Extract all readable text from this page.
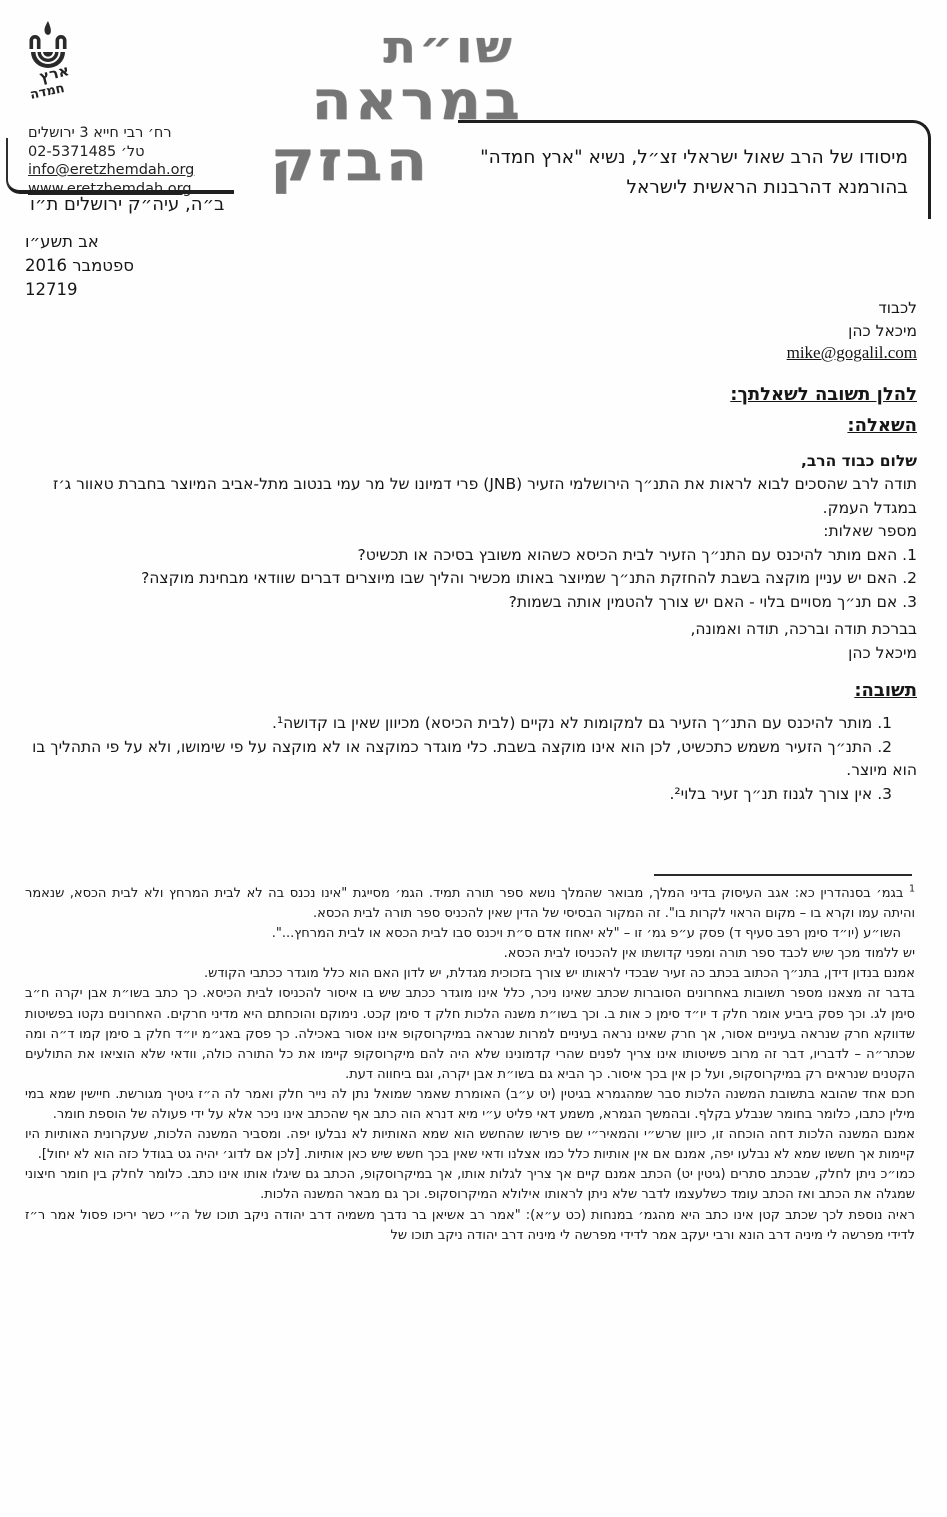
ארץ
חמדה
רח׳ רבי חייא 3 ירושלים
טל׳ 02-5371485
info@eretzhemdah.org
www.eretzhemdah.org
ב״ה, עיה״ק ירושלים ת״ו
שו״ת
במראה
הבזק	מיסודו של הרב שאול ישראלי זצ״ל, נשיא "ארץ חמדה"
בהורמנא דהרבנות הראשית לישראל
אב תשע״ו
ספטמבר 2016
12719
לכבוד
מיכאל כהן
mike@gogalil.com
להלן תשובה לשאלתך:
השאלה:

שלום כבוד הרב,

תודה לרב שהסכים לבוא לראות את התנ״ך הירושלמי הזעיר (JNB) פרי דמיונו של מר עמי בנטוב מתל-אביב המיוצר בחברת טאוור ג׳ז במגדל העמק.

מספר שאלות:

1. האם מותר להיכנס עם התנ״ך הזעיר לבית הכיסא כשהוא משובץ בסיכה או תכשיט?

2. האם יש עניין מוקצה בשבת להחזקת התנ״ך שמיוצר באותו מכשיר והליך שבו מיוצרים דברים שוודאי מבחינת מוקצה?

3. אם תנ״ך מסויים בלוי - האם יש צורך להטמין אותה בשמות?

בברכת תודה וברכה, תודה ואמונה,

מיכאל כהן

תשובה:

1. מותר להיכנס עם התנ״ך הזעיר גם למקומות לא נקיים (לבית הכיסא) מכיוון שאין בו קדושה¹.

2. התנ״ך הזעיר משמש כתכשיט, לכן הוא אינו מוקצה בשבת. כלי מוגדר כמוקצה או לא מוקצה על פי שימושו, ולא על פי התהליך בו הוא מיוצר.

3. אין צורך לגנוז תנ״ך זעיר בלוי².

$^1$ בגמ׳ בסנהדרין כא: אגב העיסוק בדיני המלך, מבואר שהמלך נושא ספר תורה תמיד. הגמ׳ מסייגת "אינו נכנס בה לא לבית המרחץ ולא לבית הכסא, שנאמר והיתה עמו וקרא בו – מקום הראוי לקרות בו". זה המקור הבסיסי של הדין שאין להכניס ספר תורה לבית הכסא.

השו״ע (יו״ד סימן רפב סעיף ד) פסק ע״פ גמ׳ זו – "לא יאחוז אדם ס״ת ויכנס סבו לבית הכסא או לבית המרחץ...".

יש ללמוד מכך שיש לכבד ספר תורה ומפני קדושתו אין להכניסו לבית הכסא.

אמנם בנדון דידן, בתנ״ך הכתוב בכתב כה זעיר שבכדי לראותו יש צורך בזכוכית מגדלת, יש לדון האם הוא כלל מוגדר ככתבי הקודש.

בדבר זה מצאנו מספר תשובות באחרונים הסוברות שכתב שאינו ניכר, כלל אינו מוגדר ככתב שיש בו איסור להכניסו לבית הכיסא. כך כתב בשו״ת אבן יקרה ח״ב סימן לג. וכך פסק ביביע אומר חלק ד יו״ד סימן כ אות ב. וכך בשו״ת משנה הלכות חלק ד סימן קכט. נימוקם והוכחתם היא מדיני חרקים. האחרונים נקטו בפשיטות שדווקא חרק שנראה בעיניים אסור, אך חרק שאינו נראה בעיניים למרות שנראה במיקרוסקופ אינו אסור באכילה. כך פסק באג״מ יו״ד חלק ב סימן קמו ד״ה ומה שכתר״ה – לדבריו, דבר זה מרוב פשיטותו אינו צריך לפנים שהרי קדמונינו שלא היה להם מיקרוסקופ קיימו את כל התורה כולה, וודאי שלא הוציאו את התולעים הקטנים שנראים רק במיקרוסקופ, ועל כן אין בכך איסור. כך הביא גם בשו״ת אבן יקרה, וגם ביחווה דעת.

חכם אחד שהובא בתשובת המשנה הלכות סבר שמהגמרא בגיטין (יט ע״ב) האומרת שאמר שמואל נתן לה נייר חלק ואמר לה ה״ז גיטיך מגורשת. חיישין שמא במי מילין כתבו, כלומר בחומר שנבלע בקלף. ובהמשך הגמרא, משמע דאי פליט ע״י מיא דנרא הוה כתב אף שהכתב אינו ניכר אלא על ידי פעולה של הוספת חומר.

אמנם המשנה הלכות דחה הוכחה זו, כיוון שרש״י והמאיר״י שם פירשו שהחשש הוא שמא האותיות לא נבלעו יפה. ומסביר המשנה הלכות, שעקרונית האותיות היו קיימות אך חששו שמא לא נבלעו יפה, אמנם אם אין אותיות כלל כמו אצלנו ודאי שאין בכך חשש שיש כאן אותיות. [לכן אם לדוג׳ יהיה גט בגודל כזה הוא לא יחול].

כמו״כ ניתן לחלק, שבכתב סתרים (גיטין יט) הכתב אמנם קיים אך צריך לגלות אותו, אך במיקרוסקופ, הכתב גם שיגלו אותו אינו כתב. כלומר לחלק בין חומר חיצוני שמגלה את הכתב ואז הכתב עומד כשלעצמו לדבר שלא ניתן לראותו אילולא המיקרוסקופ. וכך גם מבאר המשנה הלכות.

ראיה נוספת לכך שכתב קטן אינו כתב היא מהגמ׳ במנחות (כט ע״א): "אמר רב אשיאן בר נדבך משמיה דרב יהודה ניקב תוכו של ה״י כשר יריכו פסול אמר ר״ז לדידי מפרשה לי מיניה דרב הונא ורבי יעקב אמר לדידי מפרשה לי מיניה דרב יהודה ניקב תוכו של
